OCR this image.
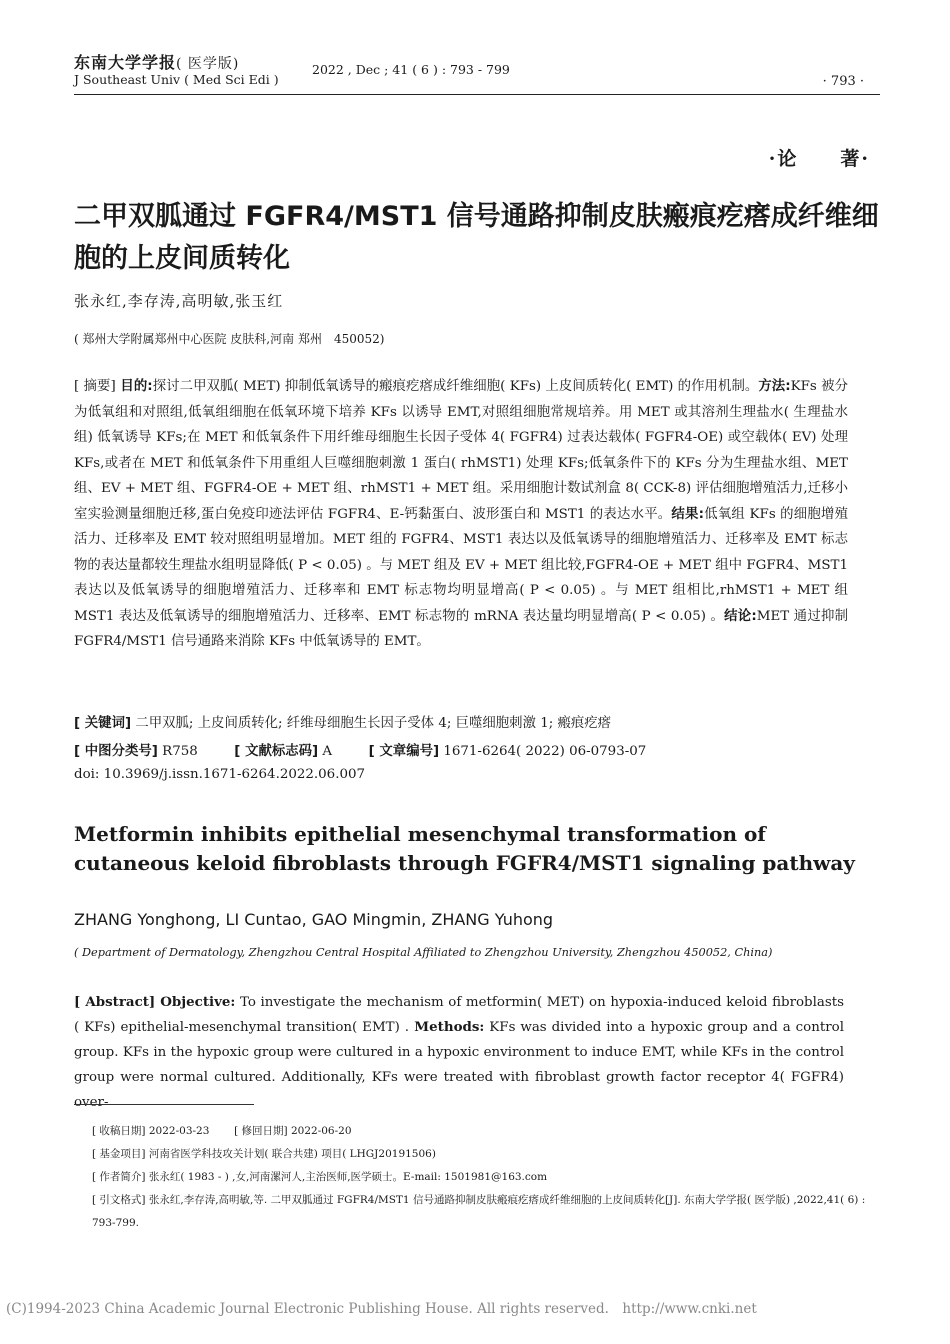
东南大学学报( 医学版)
J Southeast Univ ( Med Sci Edi )
2022 , Dec ; 41 ( 6 ) : 793 - 799
· 793 ·
·论　　著·
二甲双胍通过 FGFR4/MST1 信号通路抑制皮肤瘢痕疙瘩成纤维细胞的上皮间质转化
张永红,李存涛,高明敏,张玉红
( 郑州大学附属郑州中心医院 皮肤科,河南 郑州　450052)
[ 摘要] 目的:探讨二甲双胍( MET) 抑制低氧诱导的瘢痕疙瘩成纤维细胞( KFs) 上皮间质转化( EMT) 的作用机制。方法:KFs 被分为低氧组和对照组,低氧组细胞在低氧环境下培养 KFs 以诱导 EMT,对照组细胞常规培养。用 MET 或其溶剂生理盐水( 生理盐水组) 低氧诱导 KFs;在 MET 和低氧条件下用纤维母细胞生长因子受体 4( FGFR4) 过表达载体( FGFR4-OE) 或空载体( EV) 处理 KFs,或者在 MET 和低氧条件下用重组人巨噬细胞刺激 1 蛋白( rhMST1) 处理 KFs;低氧条件下的 KFs 分为生理盐水组、MET 组、EV + MET 组、FGFR4-OE + MET 组、rhMST1 + MET 组。采用细胞计数试剂盒 8( CCK-8) 评估细胞增殖活力,迁移小室实验测量细胞迁移,蛋白免疫印迹法评估 FGFR4、E-钙黏蛋白、波形蛋白和 MST1 的表达水平。结果:低氧组 KFs 的细胞增殖活力、迁移率及 EMT 较对照组明显增加。MET 组的 FGFR4、MST1 表达以及低氧诱导的细胞增殖活力、迁移率及 EMT 标志物的表达量都较生理盐水组明显降低( P < 0.05) 。与 MET 组及 EV + MET 组比较,FGFR4-OE + MET 组中 FGFR4、MST1 表达以及低氧诱导的细胞增殖活力、迁移率和 EMT 标志物均明显增高( P < 0.05) 。与 MET 组相比,rhMST1 + MET 组 MST1 表达及低氧诱导的细胞增殖活力、迁移率、EMT 标志物的 mRNA 表达量均明显增高( P < 0.05) 。结论:MET 通过抑制 FGFR4/MST1 信号通路来消除 KFs 中低氧诱导的 EMT。
[ 关键词] 二甲双胍; 上皮间质转化; 纤维母细胞生长因子受体 4; 巨噬细胞刺激 1; 瘢痕疙瘩
[ 中图分类号] R758	[ 文献标志码] A	[ 文章编号] 1671-6264( 2022) 06-0793-07
doi: 10.3969/j.issn.1671-6264.2022.06.007
Metformin inhibits epithelial mesenchymal transformation of cutaneous keloid fibroblasts through FGFR4/MST1 signaling pathway
ZHANG Yonghong, LI Cuntao, GAO Mingmin, ZHANG Yuhong
( Department of Dermatology, Zhengzhou Central Hospital Affiliated to Zhengzhou University, Zhengzhou 450052, China)
[ Abstract] Objective: To investigate the mechanism of metformin( MET) on hypoxia-induced keloid fibroblasts ( KFs) epithelial-mesenchymal transition( EMT) . Methods: KFs was divided into a hypoxic group and a control group. KFs in the hypoxic group were cultured in a hypoxic environment to induce EMT, while KFs in the control group were normal cultured. Additionally, KFs were treated with fibroblast growth factor receptor 4( FGFR4) over-
[ 收稿日期] 2022-03-23 [ 修回日期] 2022-06-20
[ 基金项目] 河南省医学科技攻关计划( 联合共建) 项目( LHGJ20191506)
[ 作者简介] 张永红( 1983 - ) ,女,河南漯河人,主治医师,医学硕士。E-mail: 1501981@163.com
[ 引文格式] 张永红,李存涛,高明敏,等. 二甲双胍通过 FGFR4/MST1 信号通路抑制皮肤瘢痕疙瘩成纤维细胞的上皮间质转化[J]. 东南大学学报( 医学版) ,2022,41( 6) : 793-799.
(C)1994-2023 China Academic Journal Electronic Publishing House. All rights reserved.　http://www.cnki.net
